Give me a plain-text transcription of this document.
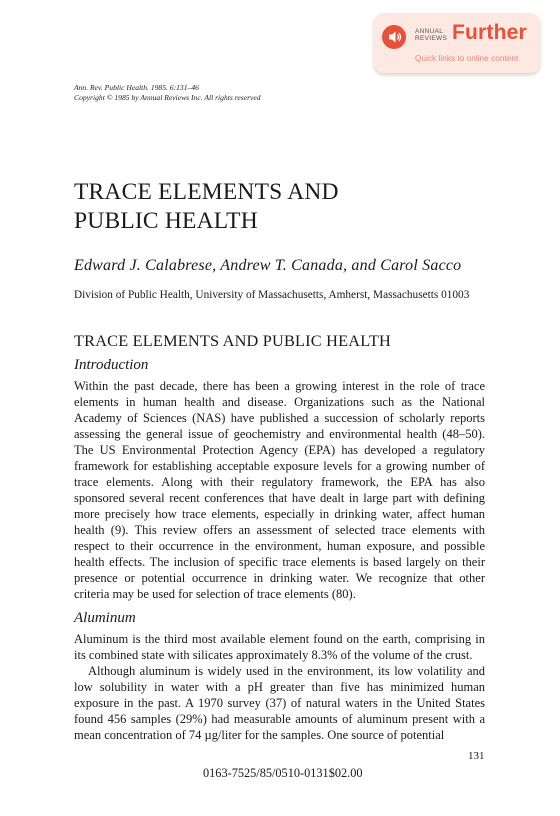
ANNUAL
REVIEWS Further
Quick links to online content
Ann. Rev. Public Health. 1985. 6:131–46
Copyright © 1985 by Annual Reviews Inc. All rights reserved
TRACE ELEMENTS AND
PUBLIC HEALTH
Edward J. Calabrese, Andrew T. Canada, and Carol Sacco
Division of Public Health, University of Massachusetts, Amherst, Massachusetts 01003
TRACE ELEMENTS AND PUBLIC HEALTH
Introduction

Within the past decade, there has been a growing interest in the role of trace elements in human health and disease. Organizations such as the National Academy of Sciences (NAS) have published a succession of scholarly reports assessing the general issue of geochemistry and environmental health (48–50). The US Environmental Protection Agency (EPA) has developed a regulatory framework for establishing acceptable exposure levels for a growing number of trace elements. Along with their regulatory framework, the EPA has also sponsored several recent conferences that have dealt in large part with defining more precisely how trace elements, especially in drinking water, affect human health (9). This review offers an assessment of selected trace elements with respect to their occurrence in the environment, human exposure, and possible health effects. The inclusion of specific trace elements is based largely on their presence or potential occurrence in drinking water. We recognize that other criteria may be used for selection of trace elements (80).

Aluminum

Aluminum is the third most available element found on the earth, comprising in its combined state with silicates approximately 8.3% of the volume of the crust.

Although aluminum is widely used in the environment, its low volatility and low solubility in water with a pH greater than five has minimized human exposure in the past. A 1970 survey (37) of natural waters in the United States found 456 samples (29%) had measurable amounts of aluminum present with a mean concentration of 74 µg/liter for the samples. One source of potential

131
0163-7525/85/0510-0131$02.00
